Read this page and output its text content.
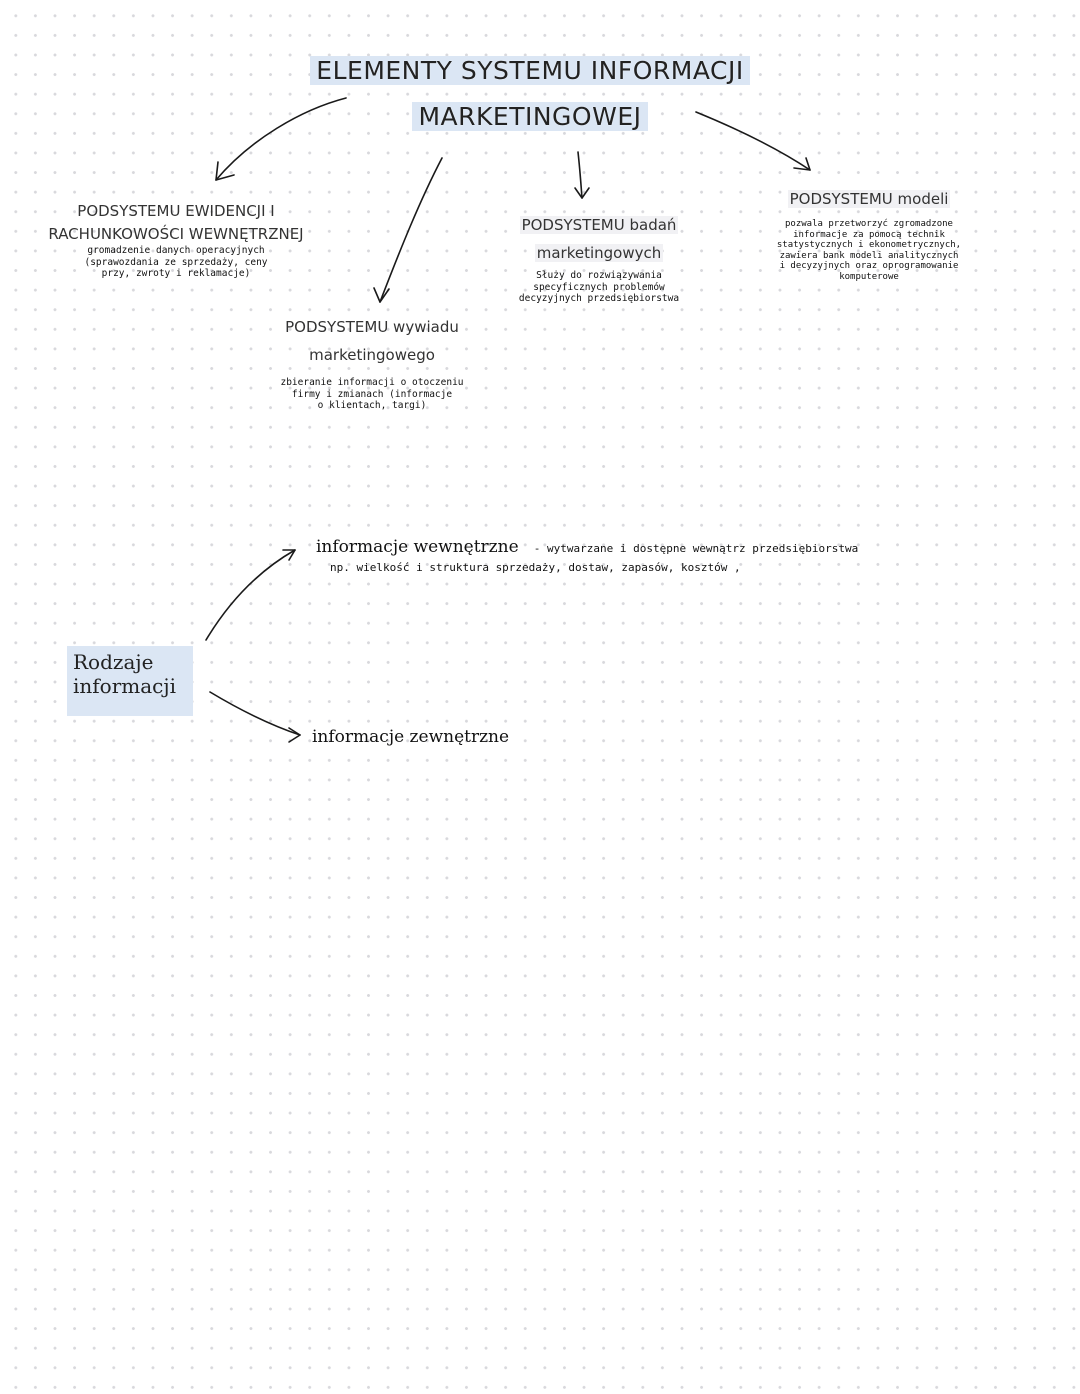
ELEMENTY SYSTEMU INFORMACJI
MARKETINGOWEJ
PODSYSTEMU EWIDENCJI I
RACHUNKOWOŚCI WEWNĘTRZNEJ
gromadzenie danych operacyjnych
(sprawozdania ze sprzedaży, ceny
przy, zwroty i reklamacje)
PODSYSTEMU wywiadu
marketingowego
zbieranie informacji o otoczeniu
firmy i zmianach (informacje
o klientach, targi)
PODSYSTEMU badań
marketingowych
Służy do rozwiązywania
specyficznych problemów
decyzyjnych przedsiębiorstwa
PODSYSTEMU modeli
pozwala przetworzyć zgromadzone
informacje za pomocą technik
statystycznych i ekonometrycznych,
zawiera bank modeli analitycznych
i decyzyjnych oraz oprogramowanie
komputerowe
Rodzaje
informacji
informacje wewnętrzne - wytwarzane i dostępne wewnątrz przedsiębiorstwa
np. wielkość i struktura sprzedaży, dostaw, zapasów, kosztów ,
informacje zewnętrzne
